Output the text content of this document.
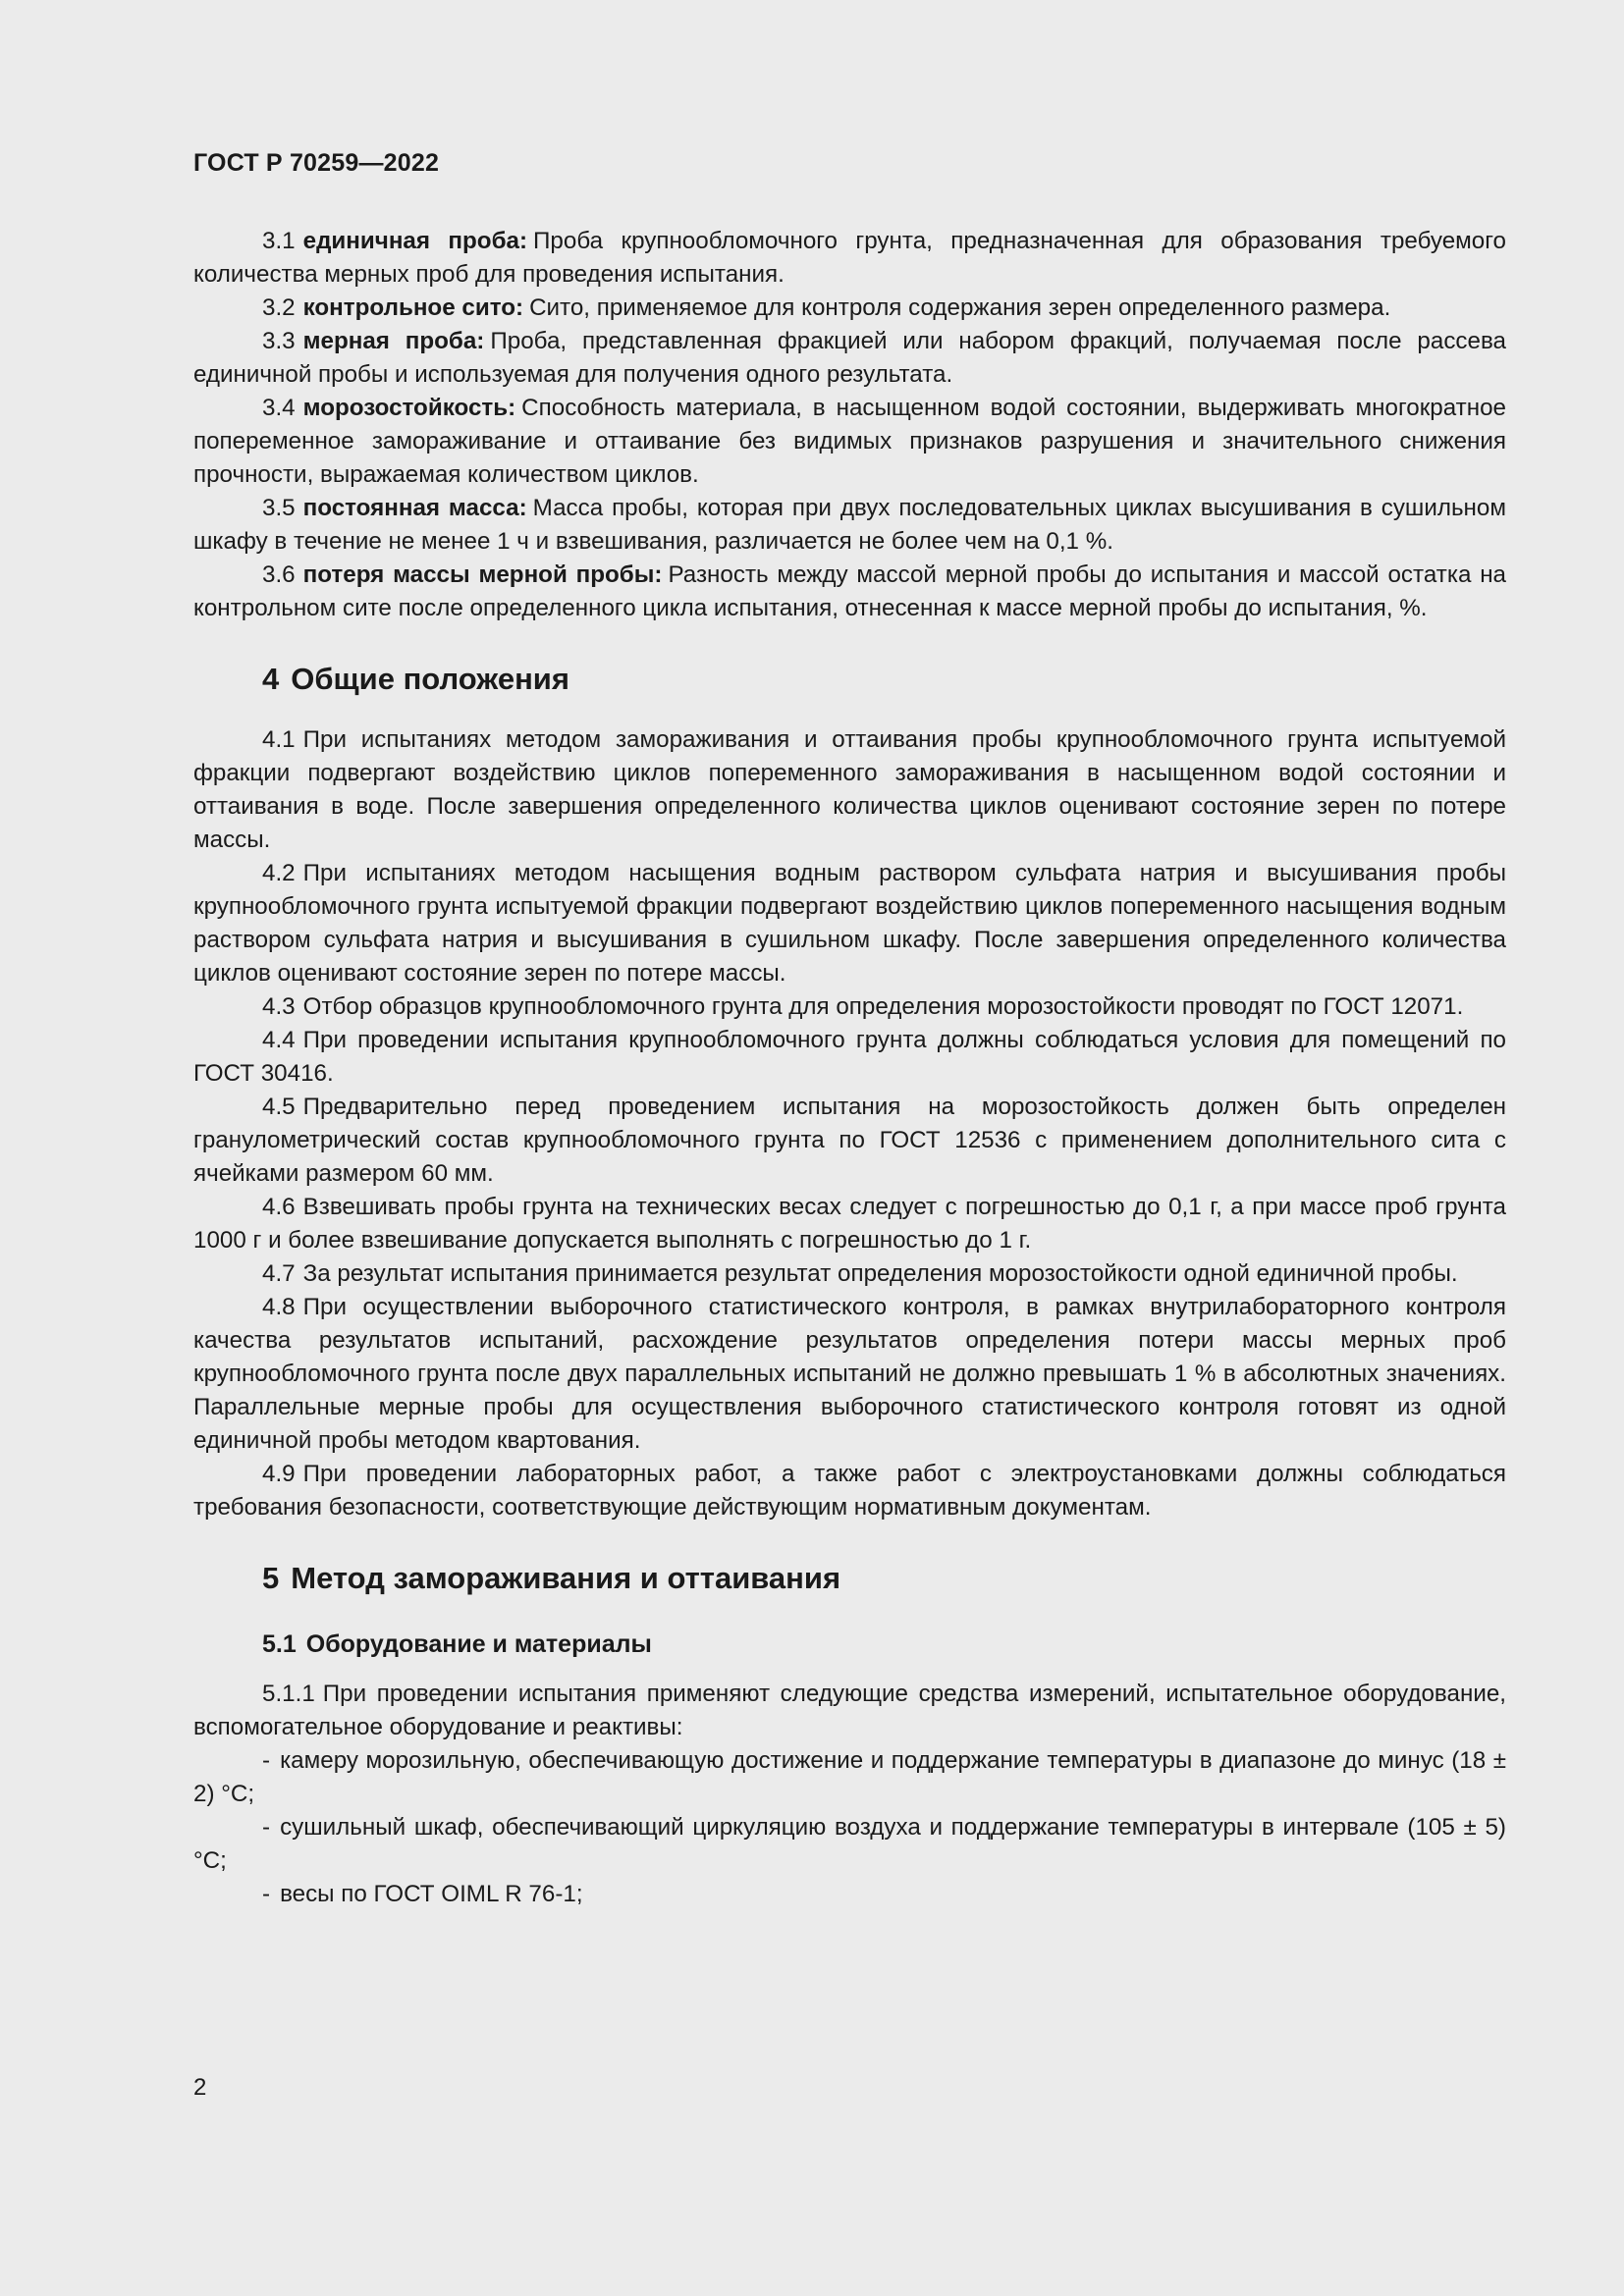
ГОСТ Р 70259—2022

3.1 единичная проба: Проба крупнообломочного грунта, предназначенная для образования требуемого количества мерных проб для проведения испытания.

3.2 контрольное сито: Сито, применяемое для контроля содержания зерен определенного размера.

3.3 мерная проба: Проба, представленная фракцией или набором фракций, получаемая после рассева единичной пробы и используемая для получения одного результата.

3.4 морозостойкость: Способность материала, в насыщенном водой состоянии, выдерживать многократное попеременное замораживание и оттаивание без видимых признаков разрушения и значительного снижения прочности, выражаемая количеством циклов.

3.5 постоянная масса: Масса пробы, которая при двух последовательных циклах высушивания в сушильном шкафу в течение не менее 1 ч и взвешивания, различается не более чем на 0,1 %.

3.6 потеря массы мерной пробы: Разность между массой мерной пробы до испытания и массой остатка на контрольном сите после определенного цикла испытания, отнесенная к массе мерной пробы до испытания, %.

4 Общие положения

4.1 При испытаниях методом замораживания и оттаивания пробы крупнообломочного грунта испытуемой фракции подвергают воздействию циклов попеременного замораживания в насыщенном водой состоянии и оттаивания в воде. После завершения определенного количества циклов оценивают состояние зерен по потере массы.

4.2 При испытаниях методом насыщения водным раствором сульфата натрия и высушивания пробы крупнообломочного грунта испытуемой фракции подвергают воздействию циклов попеременного насыщения водным раствором сульфата натрия и высушивания в сушильном шкафу. После завершения определенного количества циклов оценивают состояние зерен по потере массы.

4.3 Отбор образцов крупнообломочного грунта для определения морозостойкости проводят по ГОСТ 12071.

4.4 При проведении испытания крупнообломочного грунта должны соблюдаться условия для помещений по ГОСТ 30416.

4.5 Предварительно перед проведением испытания на морозостойкость должен быть определен гранулометрический состав крупнообломочного грунта по ГОСТ 12536 с применением дополнительного сита с ячейками размером 60 мм.

4.6 Взвешивать пробы грунта на технических весах следует с погрешностью до 0,1 г, а при массе проб грунта 1000 г и более взвешивание допускается выполнять с погрешностью до 1 г.

4.7 За результат испытания принимается результат определения морозостойкости одной единичной пробы.

4.8 При осуществлении выборочного статистического контроля, в рамках внутрилабораторного контроля качества результатов испытаний, расхождение результатов определения потери массы мерных проб крупнообломочного грунта после двух параллельных испытаний не должно превышать 1 % в абсолютных значениях. Параллельные мерные пробы для осуществления выборочного статистического контроля готовят из одной единичной пробы методом квартования.

4.9 При проведении лабораторных работ, а также работ с электроустановками должны соблюдаться требования безопасности, соответствующие действующим нормативным документам.

5 Метод замораживания и оттаивания
5.1 Оборудование и материалы

5.1.1 При проведении испытания применяют следующие средства измерений, испытательное оборудование, вспомогательное оборудование и реактивы:

- камеру морозильную, обеспечивающую достижение и поддержание температуры в диапазоне до минус (18 ± 2) °С;

- сушильный шкаф, обеспечивающий циркуляцию воздуха и поддержание температуры в интервале (105 ± 5) °С;

- весы по ГОСТ OIML R 76-1;

2
